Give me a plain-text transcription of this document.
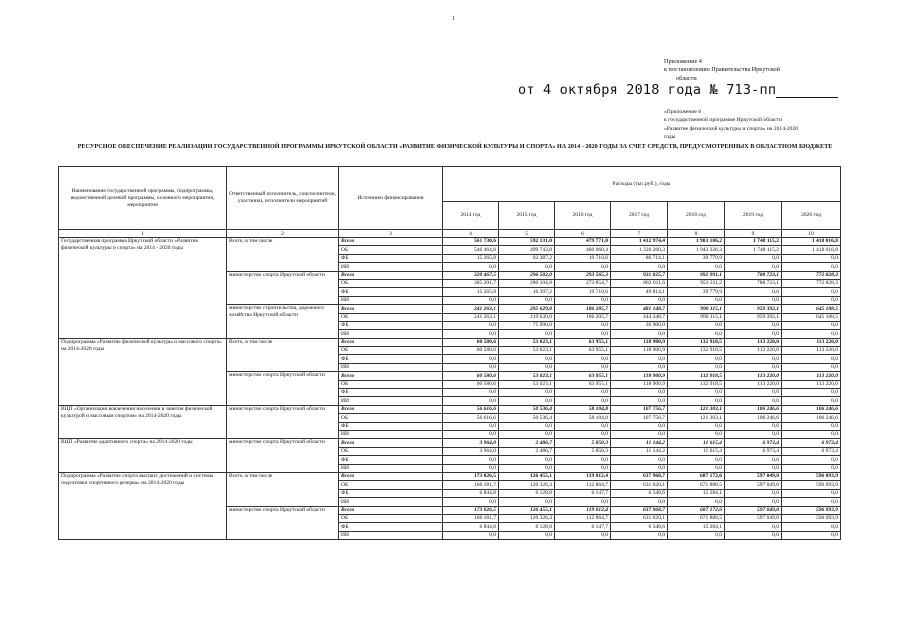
1
Приложение 4
к постановлению Правительства Иркутской
области
от 4 октября 2018 года № 713-пп
«Приложение 8
к государственной программе Иркутской области
«Развитие физической культуры и спорта» на 2014-2020
годы
РЕСУРСНОЕ ОБЕСПЕЧЕНИЕ РЕАЛИЗАЦИИ ГОСУДАРСТВЕННОЙ ПРОГРАММЫ ИРКУТСКОЙ ОБЛАСТИ «РАЗВИТИЕ ФИЗИЧЕСКОЙ КУЛЬТУРЫ И СПОРТА» НА 2014 - 2020 ГОДЫ ЗА СЧЕТ СРЕДСТВ, ПРЕДУСМОТРЕННЫХ В ОБЛАСТНОМ БЮДЖЕТЕ
Наименование государственной программы, подпрограммы, ведомственной целевой программы, основного мероприятия, мероприятия	Ответственный исполнитель, соисполнители, участники, исполнители мероприятий	Источники финансирования	Расходы (тыс.руб.), годы						
			2014 год	2015 год	2016 год	2017 год	2018 год	2019 год	2020 год
1	2	3	4	5	6	7	8	9	10
Государственная программа Иркутской области «Развитие физической культуры и спорта» на 2014 - 2020 годы	Всего, в том числе	Всего	561 730,6	592 131,0	479 771,0	1 412 974,4	1 983 106,2	1 748 115,2	1 418 016,8
		ОБ	546 464,8	499 743,8	460 060,4	1 326 260,3	1 943 326,3	1 748 115,2	1 418 016,8
		ФБ	15 265,8	92 387,2	19 710,6	86 714,1	39 779,9	0,0	0,0
		ИИ	0,0	0,0	0,0	0,0	0,0	0,0	0,0
	министерство спорта Иркутской области	Всего	320 467,5	296 502,0	293 565,3	931 825,7	992 991,1	788 723,1	772 828,3
		ОБ	305 201,7	280 104,8	273 854,7	882 011,6	953 211,2	788 723,1	772 828,3
		ФБ	15 265,8	16 397,2	19 710,6	49 814,1	39 779,9	0,0	0,0
		ИИ	0,0	0,0	0,0	0,0	0,0	0,0	0,0
	министерство строительства, дорожного хозяйства Иркутской области	Всего	241 263,1	295 629,0	186 205,7	481 148,7	990 115,1	959 392,1	645 188,5
		ОБ	241 263,1	219 639,0	186 205,7	444 248,7	990 115,1	959 392,1	645 188,5
		ФБ	0,0	75 990,0	0,0	36 900,0	0,0	0,0	0,0
		ИИ	0,0	0,0	0,0	0,0	0,0	0,0	0,0
Подпрограмма «Развитие физической культуры и массового спорта» на 2014-2020 годы	Всего, в том числе	Всего	60 580,6	53 023,1	63 955,1	118 900,9	132 918,5	113 220,0	113 220,0
		ОБ	60 580,6	53 023,1	63 955,1	118 900,9	132 918,5	113 220,0	113 220,0
		ФБ	0,0	0,0	0,0	0,0	0,0	0,0	0,0
		ИИ	0,0	0,0	0,0	0,0	0,0	0,0	0,0
	министерство спорта Иркутской области	Всего	60 580,6	53 023,1	63 955,1	118 900,9	132 918,5	113 220,0	113 220,0
		ОБ	60 580,6	53 023,1	63 955,1	118 900,9	132 918,5	113 220,0	113 220,0
		ФБ	0,0	0,0	0,0	0,0	0,0	0,0	0,0
		ИИ	0,0	0,0	0,0	0,0	0,0	0,0	0,0
ВЦП «Организация вовлечения населения в занятия физической культурой и массовым спортом» на 2014-2020 годы	министерство спорта Иркутской области	Всего	56 616,6	50 536,4	58 104,8	107 756,7	121 303,1	106 246,6	106 246,6
		ОБ	56 616,6	50 536,4	58 104,8	107 756,7	121 303,1	106 246,6	106 246,6
		ФБ	0,0	0,0	0,0	0,0	0,0	0,0	0,0
		ИИ	0,0	0,0	0,0	0,0	0,0	0,0	0,0
ВЦП «Развитие адаптивного спорта» на 2014-2020 годы	министерство спорта Иркутской области	Всего	3 964,0	2 486,7	5 850,3	11 144,2	11 615,4	6 973,4	6 973,4
		ОБ	3 964,0	2 486,7	5 850,3	11 144,2	11 615,4	6 973,4	6 973,4
		ФБ	0,0	0,0	0,0	0,0	0,0	0,0	0,0
		ИИ	0,0	0,0	0,0	0,0	0,0	0,0	0,0
Подпрограмма «Развитие спорта высших достижений и системы подготовки спортивного резерва» на 2014-2020 годы	Всего, в том числе	Всего	173 026,5	126 455,1	119 012,4	637 968,7	687 172,6	597 049,0	596 093,9
		ОБ	166 181,7	120 326,3	112 864,7	631 620,1	671 888,5	597 049,0	596 093,9
		ФБ	6 844,8	6 128,8	6 147,7	6 348,6	15 284,1	0,0	0,0
		ИИ	0,0	0,0	0,0	0,0	0,0	0,0	0,0
	министерство спорта Иркутской области	Всего	173 026,5	126 455,1	119 012,4	637 968,7	687 172,6	597 049,0	596 093,9
		ОБ	166 181,7	120 326,3	112 864,7	631 620,1	671 888,5	597 049,0	596 093,9
		ФБ	6 844,8	6 128,8	6 147,7	6 348,6	15 284,1	0,0	0,0
		ИИ	0,0	0,0	0,0	0,0	0,0	0,0	0,0
